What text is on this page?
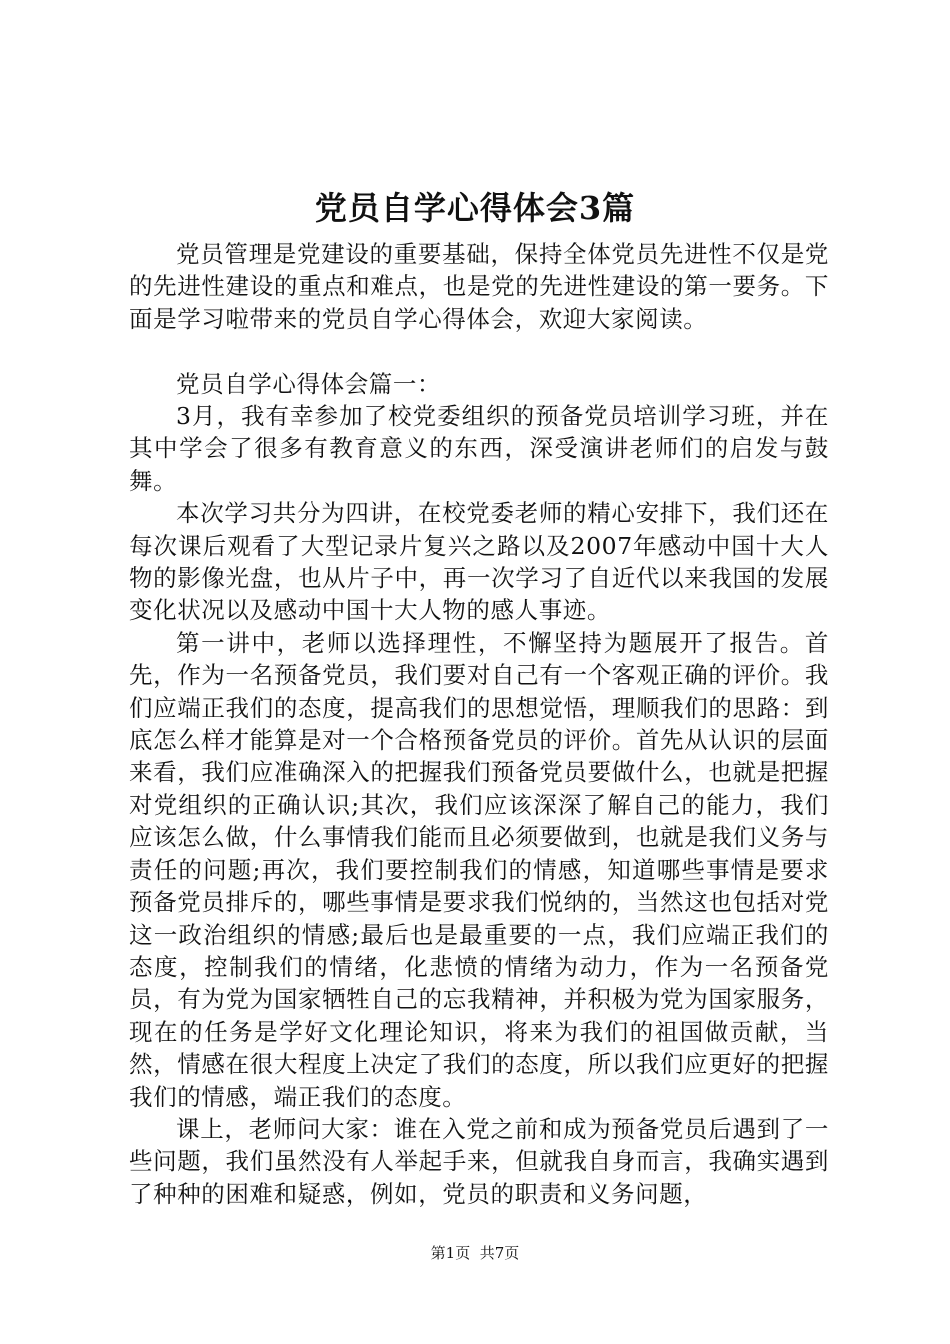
党员自学心得体会3篇

党员管理是党建设的重要基础，保持全体党员先进性不仅是党的先进性建设的重点和难点，也是党的先进性建设的第一要务。下面是学习啦带来的党员自学心得体会，欢迎大家阅读。

党员自学心得体会篇一：

3月，我有幸参加了校党委组织的预备党员培训学习班，并在其中学会了很多有教育意义的东西，深受演讲老师们的启发与鼓舞。

本次学习共分为四讲，在校党委老师的精心安排下，我们还在每次课后观看了大型记录片复兴之路以及2007年感动中国十大人物的影像光盘，也从片子中，再一次学习了自近代以来我国的发展变化状况以及感动中国十大人物的感人事迹。

第一讲中，老师以选择理性，不懈坚持为题展开了报告。首先，作为一名预备党员，我们要对自己有一个客观正确的评价。我们应端正我们的态度，提高我们的思想觉悟，理顺我们的思路：到底怎么样才能算是对一个合格预备党员的评价。首先从认识的层面来看，我们应准确深入的把握我们预备党员要做什么，也就是把握对党组织的正确认识;其次，我们应该深深了解自己的能力，我们应该怎么做，什么事情我们能而且必须要做到，也就是我们义务与责任的问题;再次，我们要控制我们的情感，知道哪些事情是要求预备党员排斥的，哪些事情是要求我们悦纳的，当然这也包括对党这一政治组织的情感;最后也是最重要的一点，我们应端正我们的态度，控制我们的情绪，化悲愤的情绪为动力，作为一名预备党员，有为党为国家牺牲自己的忘我精神，并积极为党为国家服务，现在的任务是学好文化理论知识，将来为我们的祖国做贡献，当然，情感在很大程度上决定了我们的态度，所以我们应更好的把握我们的情感，端正我们的态度。

课上，老师问大家：谁在入党之前和成为预备党员后遇到了一些问题，我们虽然没有人举起手来，但就我自身而言，我确实遇到了种种的困难和疑惑，例如，党员的职责和义务问题，

第1页 共7页
